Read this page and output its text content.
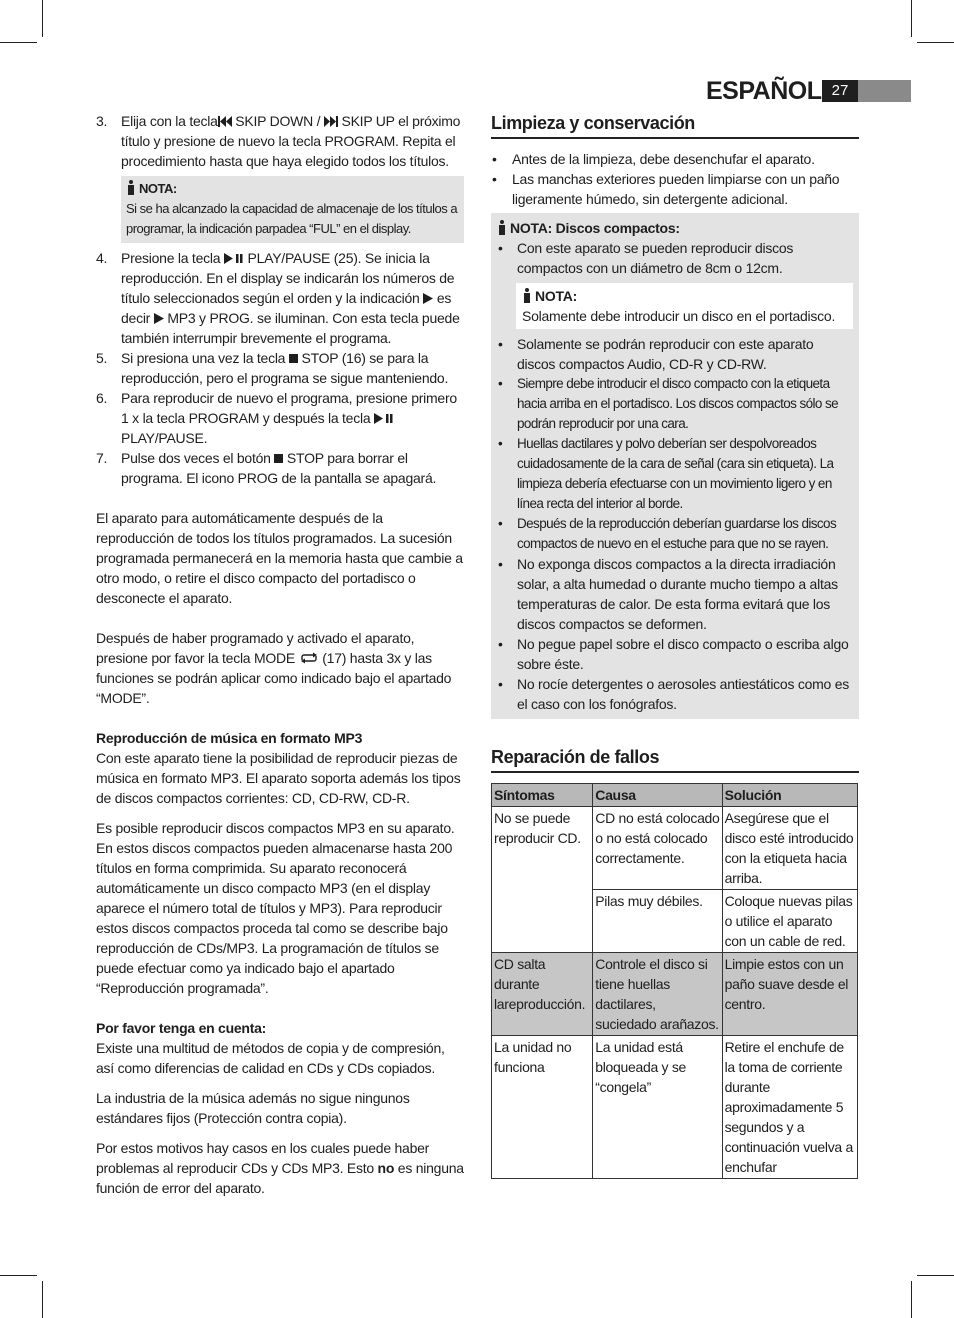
ESPAÑOL 27
3. Elija con la tecla SKIP DOWN /  SKIP UP el próximo título y presione de nuevo la tecla PROGRAM. Repita el procedimiento hasta que haya elegido todos los títulos.
NOTA:
Si se ha alcanzado la capacidad de almacenaje de los títulos a programar, la indicación parpadea “FUL” en el display.
4. Presione la tecla  PLAY/PAUSE (25). Se inicia la reproducción. En el display se indicarán los números de título seleccionados según el orden y la indicación  es decir  MP3 y PROG. se iluminan. Con esta tecla puede también interrumpir brevemente el programa.
5. Si presiona una vez la tecla  STOP (16) se para la reproducción, pero el programa se sigue manteniendo.
6. Para reproducir de nuevo el programa, presione primero 1 x la tecla PROGRAM y después la tecla  PLAY/PAUSE.
7. Pulse dos veces el botón  STOP para borrar el programa. El icono PROG de la pantalla se apagará.
El aparato para automáticamente después de la reproducción de todos los títulos programados. La sucesión programada permanecerá en la memoria hasta que cambie a otro modo, o retire el disco compacto del portadisco o desconecte el aparato.
Después de haber programado y activado el aparato, presione por favor la tecla MODE  (17) hasta 3x y las funciones se podrán aplicar como indicado bajo el apartado “MODE”.
Reproducción de música en formato MP3
Con este aparato tiene la posibilidad de reproducir piezas de música en formato MP3. El aparato soporta además los tipos de discos compactos corrientes: CD, CD-RW, CD-R.
Es posible reproducir discos compactos MP3 en su aparato. En estos discos compactos pueden almacenarse hasta 200 títulos en forma comprimida. Su aparato reconocerá automáticamente un disco compacto MP3 (en el display aparece el número total de títulos y MP3). Para reproducir estos discos compactos proceda tal como se describe bajo reproducción de CDs/MP3. La programación de títulos se puede efectuar como ya indicado bajo el apartado “Reproducción programada”.
Por favor tenga en cuenta:
Existe una multitud de métodos de copia y de compresión, así como diferencias de calidad en CDs y CDs copiados.
La industria de la música además no sigue ningunos estándares fijos (Protección contra copia).
Por estos motivos hay casos en los cuales puede haber problemas al reproducir CDs y CDs MP3. Esto no es ninguna función de error del aparato.
Limpieza y conservación
• Antes de la limpieza, debe desenchufar el aparato.
• Las manchas exteriores pueden limpiarse con un paño ligeramente húmedo, sin detergente adicional.
NOTA: Discos compactos:
• Con este aparato se pueden reproducir discos compactos con un diámetro de 8cm o 12cm.
NOTA:
Solamente debe introducir un disco en el portadisco.
• Solamente se podrán reproducir con este aparato discos compactos Audio, CD-R y CD-RW.
• Siempre debe introducir el disco compacto con la etiqueta hacia arriba en el portadisco. Los discos compactos sólo se podrán reproducir por una cara.
• Huellas dactilares y polvo deberían ser despolvoreados cuidadosamente de la cara de señal (cara sin etiqueta). La limpieza debería efectuarse con un movimiento ligero y en línea recta del interior al borde.
• Después de la reproducción deberían guardarse los discos compactos de nuevo en el estuche para que no se rayen.
• No exponga discos compactos a la directa irradiación solar, a alta humedad o durante mucho tiempo a altas temperaturas de calor. De esta forma evitará que los discos compactos se deformen.
• No pegue papel sobre el disco compacto o escriba algo sobre éste.
• No rocíe detergentes o aerosoles antiestáticos como es el caso con los fonógrafos.
Reparación de fallos
Síntomas	Causa	Solución
No se puede reproducir CD.	CD no está colocado o no está colocado correctamente.	Asegúrese que el disco esté introducido con la etiqueta hacia arriba.
	Pilas muy débiles.	Coloque nuevas pilas o utilice el aparato con un cable de red.
CD salta durante lareproducción.	Controle el disco si tiene huellas dactilares, suciedado arañazos.	Limpie estos con un paño suave desde el centro.
La unidad no funciona	La unidad está bloqueada y se “congela”	Retire el enchufe de la toma de corriente durante aproximadamente 5 segundos y a continuación vuelva a enchufar
